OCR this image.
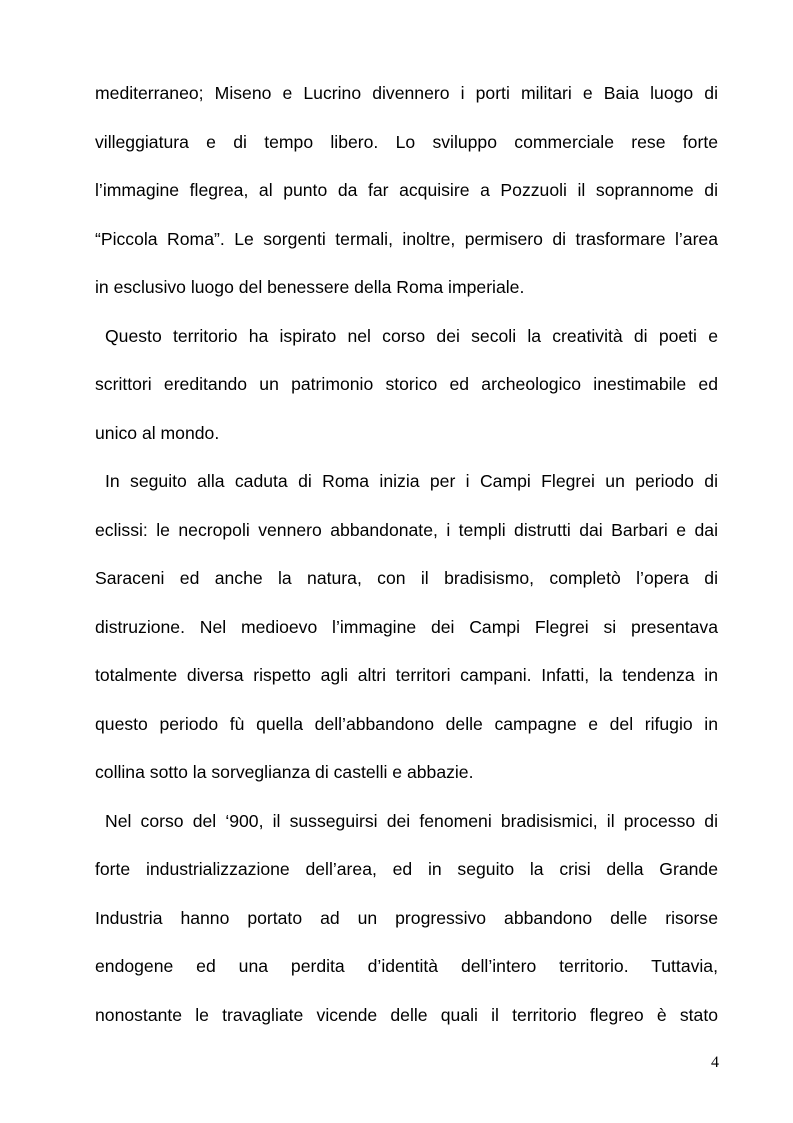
mediterraneo; Miseno e Lucrino divennero i porti militari e Baia luogo di
villeggiatura e di tempo libero. Lo sviluppo commerciale rese forte
l’immagine flegrea, al punto da far acquisire a Pozzuoli il soprannome di
“Piccola Roma”. Le sorgenti termali, inoltre, permisero di trasformare l’area
in esclusivo luogo del benessere della Roma imperiale.
Questo territorio ha ispirato nel corso dei secoli la creatività di poeti e
scrittori ereditando un patrimonio storico ed archeologico inestimabile ed
unico al mondo.
In seguito alla caduta di Roma inizia per i Campi Flegrei un periodo di
eclissi: le necropoli vennero abbandonate, i templi distrutti dai Barbari e dai
Saraceni ed anche la natura, con il bradisismo, completò l’opera di
distruzione. Nel medioevo l’immagine dei Campi Flegrei si presentava
totalmente diversa rispetto agli altri territori campani. Infatti, la tendenza in
questo periodo fù quella dell’abbandono delle campagne e del rifugio in
collina sotto la sorveglianza di castelli e abbazie.
Nel corso del ‘900, il susseguirsi dei fenomeni bradisismici, il processo di
forte industrializzazione dell’area, ed in seguito la crisi della Grande
Industria hanno portato ad un progressivo abbandono delle risorse
endogene ed una perdita d’identità dell’intero territorio. Tuttavia,
nonostante le travagliate vicende delle quali il territorio flegreo è stato
4
